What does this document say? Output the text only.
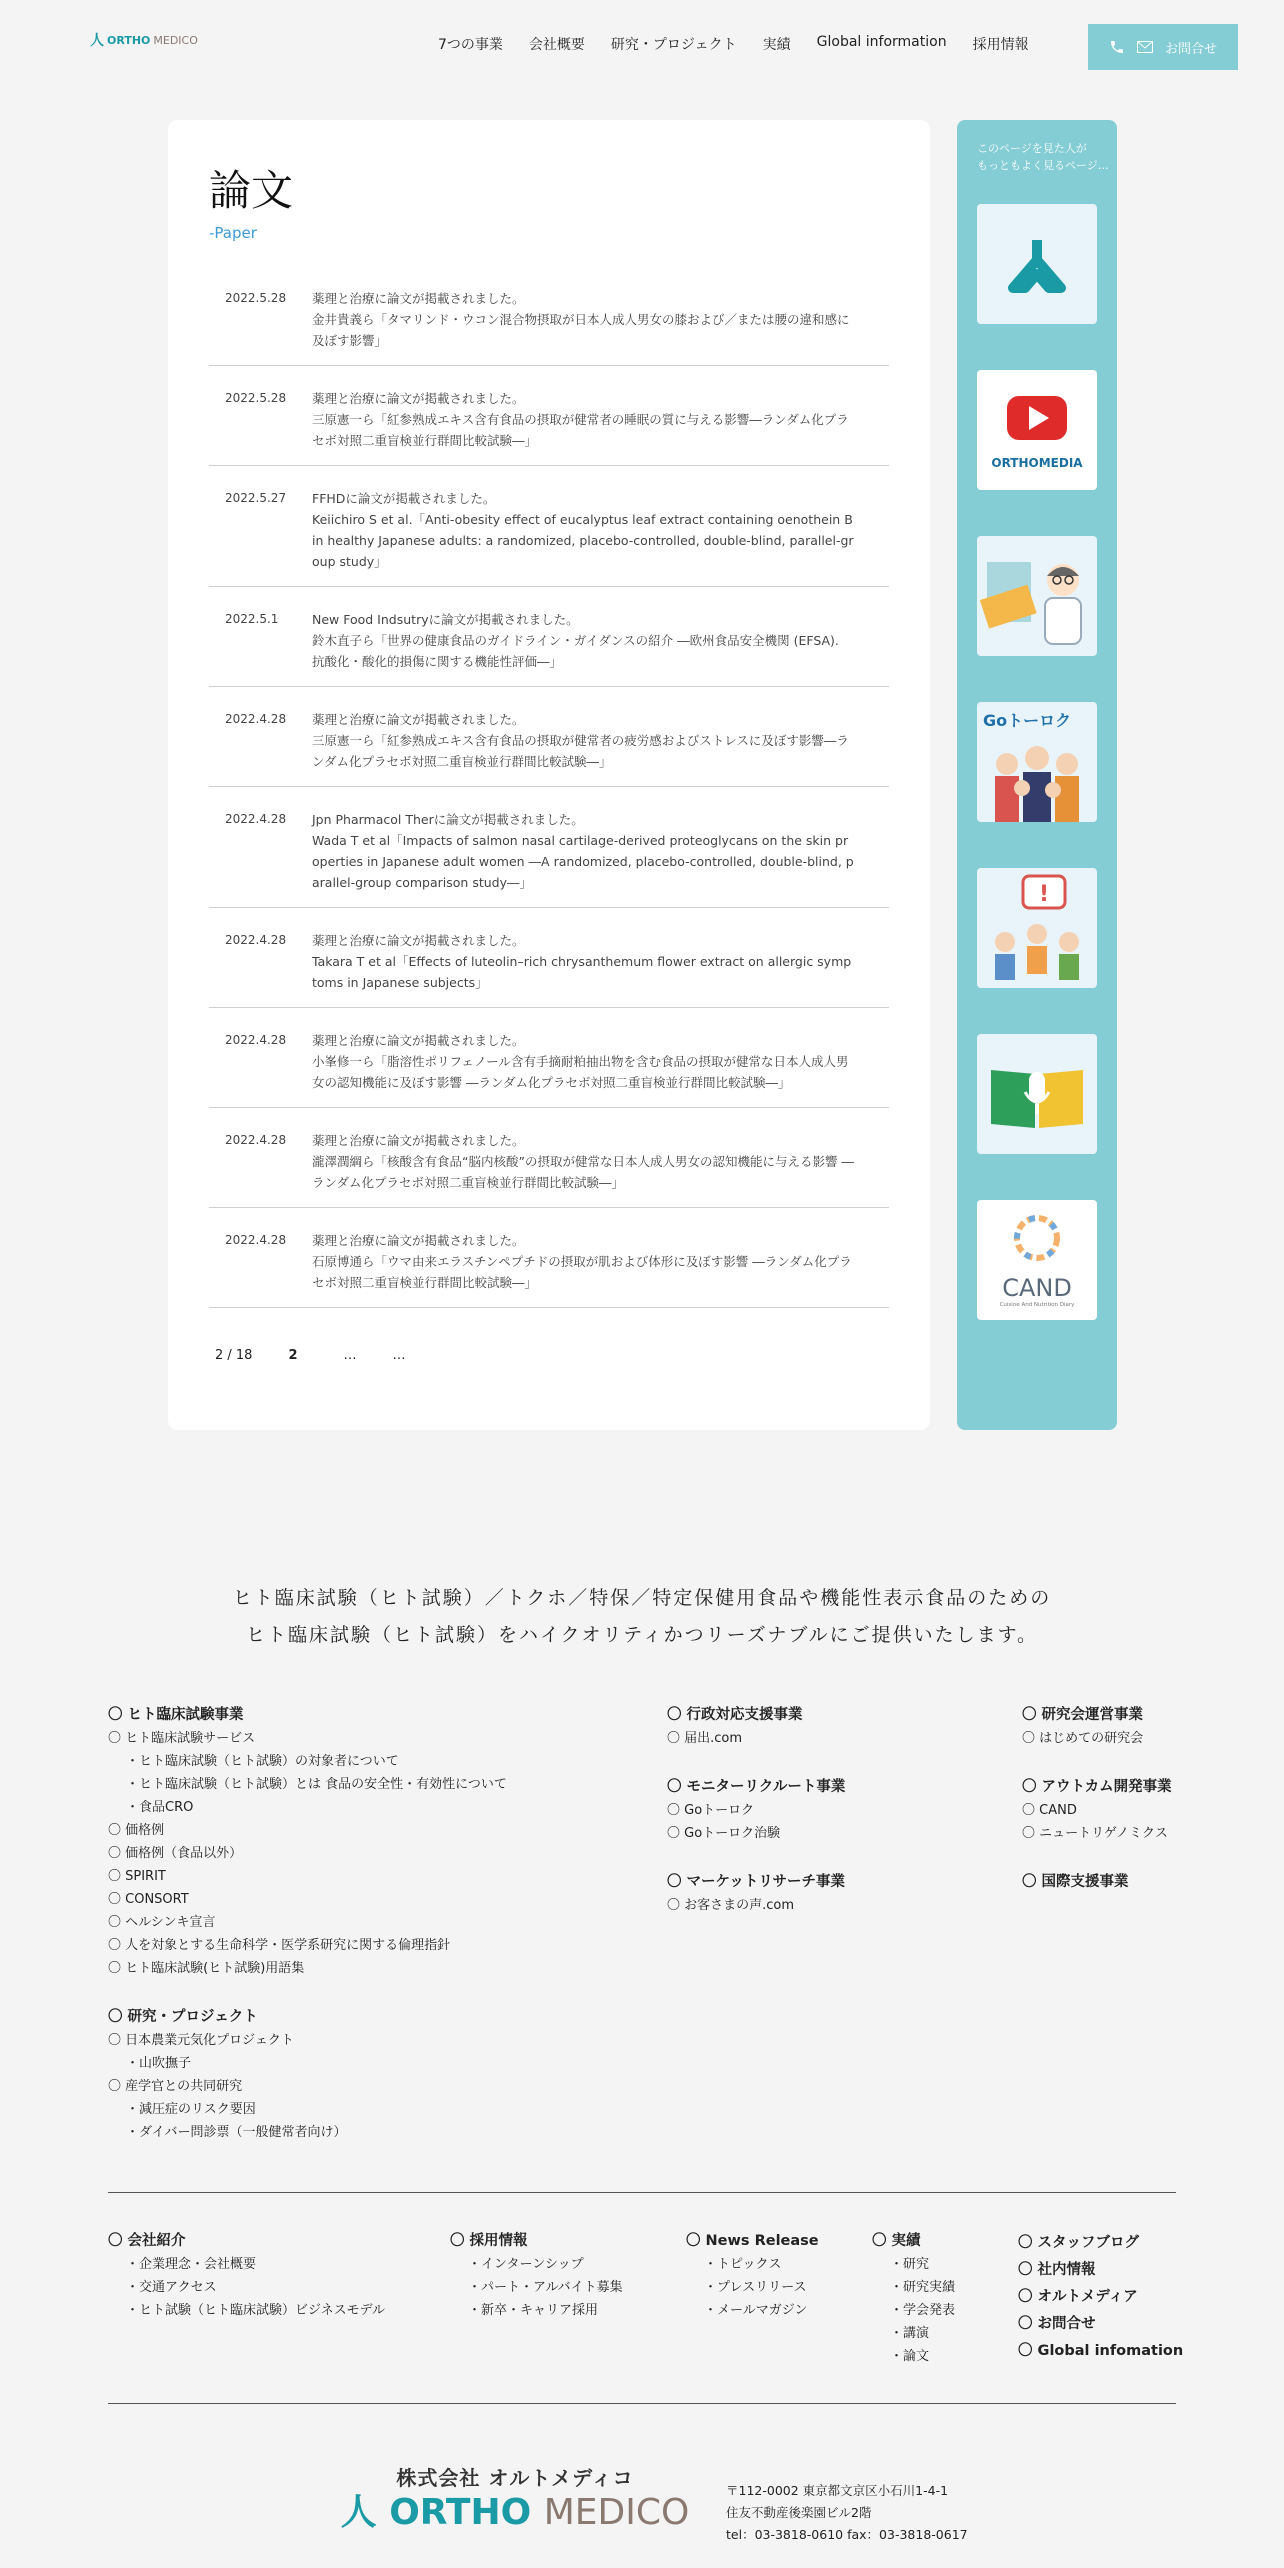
人 ORTHO MEDICO	7つの事業 会社概要 研究・プロジェクト 実績 Global information 採用情報	お問合せ
論文
-Paper
2022.5.28	薬理と治療に論文が掲載されました。
金井貴義ら「タマリンド・ウコン混合物摂取が日本人成人男女の膝および／または腰の違和感に及ぼす影響」
2022.5.28	薬理と治療に論文が掲載されました。
三原憲一ら「紅参熟成エキス含有食品の摂取が健常者の睡眠の質に与える影響―ランダム化プラセボ対照二重盲検並行群間比較試験―」
2022.5.27	FFHDに論文が掲載されました。
Keiichiro S et al.「Anti-obesity effect of eucalyptus leaf extract containing oenothein B in healthy Japanese adults: a randomized, placebo-controlled, double-blind, parallel-group study」
2022.5.1	New Food Indsutryに論文が掲載されました。
鈴木直子ら「世界の健康食品のガイドライン・ガイダンスの紹介 ―欧州食品安全機関 (EFSA). 抗酸化・酸化的損傷に関する機能性評価―」
2022.4.28	薬理と治療に論文が掲載されました。
三原憲一ら「紅参熟成エキス含有食品の摂取が健常者の疲労感およびストレスに及ぼす影響―ランダム化プラセボ対照二重盲検並行群間比較試験―」
2022.4.28	Jpn Pharmacol Therに論文が掲載されました。
Wada T et al「Impacts of salmon nasal cartilage-derived proteoglycans on the skin properties in Japanese adult women ―A randomized, placebo-controlled, double-blind, parallel-group comparison study―」
2022.4.28	薬理と治療に論文が掲載されました。
Takara T et al「Effects of luteolin–rich chrysanthemum flower extract on allergic symptoms in Japanese subjects」
2022.4.28	薬理と治療に論文が掲載されました。
小峯修一ら「脂溶性ポリフェノール含有手摘耐粕抽出物を含む食品の摂取が健常な日本人成人男女の認知機能に及ぼす影響 ―ランダム化プラセボ対照二重盲検並行群間比較試験―」
2022.4.28	薬理と治療に論文が掲載されました。
瀧澤潤綱ら「核酸含有食品“脳内核酸”の摂取が健常な日本人成人男女の認知機能に与える影響 ―ランダム化プラセボ対照二重盲検並行群間比較試験―」
2022.4.28	薬理と治療に論文が掲載されました。
石原博通ら「ウマ由来エラスチンペプチドの摂取が肌および体形に及ぼす影響 ―ランダム化プラセボ対照二重盲検並行群間比較試験―」
2 / 18	2	…	…
このページを見た人が
もっともよく見るページ…
ORTHOMEDIA
Goトーロク
!
CAND
Cuisine And Nutrition Diary
ヒト臨床試験（ヒト試験）／トクホ／特保／特定保健用食品や機能性表示食品のための
ヒト臨床試験（ヒト試験）をハイクオリティかつリーズナブルにご提供いたします。
〇 ヒト臨床試験事業
〇 ヒト臨床試験サービス
・ヒト臨床試験（ヒト試験）の対象者について
・ヒト臨床試験（ヒト試験）とは 食品の安全性・有効性について
・食品CRO
〇 価格例
〇 価格例（食品以外）
〇 SPIRIT
〇 CONSORT
〇 ヘルシンキ宣言
〇 人を対象とする生命科学・医学系研究に関する倫理指針
〇 ヒト臨床試験(ヒト試験)用語集
〇 研究・プロジェクト
〇 日本農業元気化プロジェクト
・山吹撫子
〇 産学官との共同研究
・減圧症のリスク要因
・ダイバー問診票（一般健常者向け）
〇 行政対応支援事業
〇 届出.com
〇 モニターリクルート事業
〇 Goトーロク
〇 Goトーロク治験
〇 マーケットリサーチ事業
〇 お客さまの声.com
〇 研究会運営事業
〇 はじめての研究会
〇 アウトカム開発事業
〇 CAND
〇 ニュートリゲノミクス
〇 国際支援事業
〇 会社紹介
・企業理念・会社概要
・交通アクセス
・ヒト試験（ヒト臨床試験）ビジネスモデル
〇 採用情報
・インターンシップ
・パート・アルバイト募集
・新卒・キャリア採用
〇 News Release
・トピックス
・プレスリリース
・メールマガジン
〇 実績
・研究
・研究実績
・学会発表
・講演
・論文
〇 スタッフブログ
〇 社内情報
〇 オルトメディア
〇 お問合せ
〇 Global infomation
株式会社 オルトメディコ
人 ORTHO MEDICO
〒112-0002 東京都文京区小石川1-4-1
住友不動産後楽園ビル2階
tel：03-3818-0610 fax：03-3818-0617
